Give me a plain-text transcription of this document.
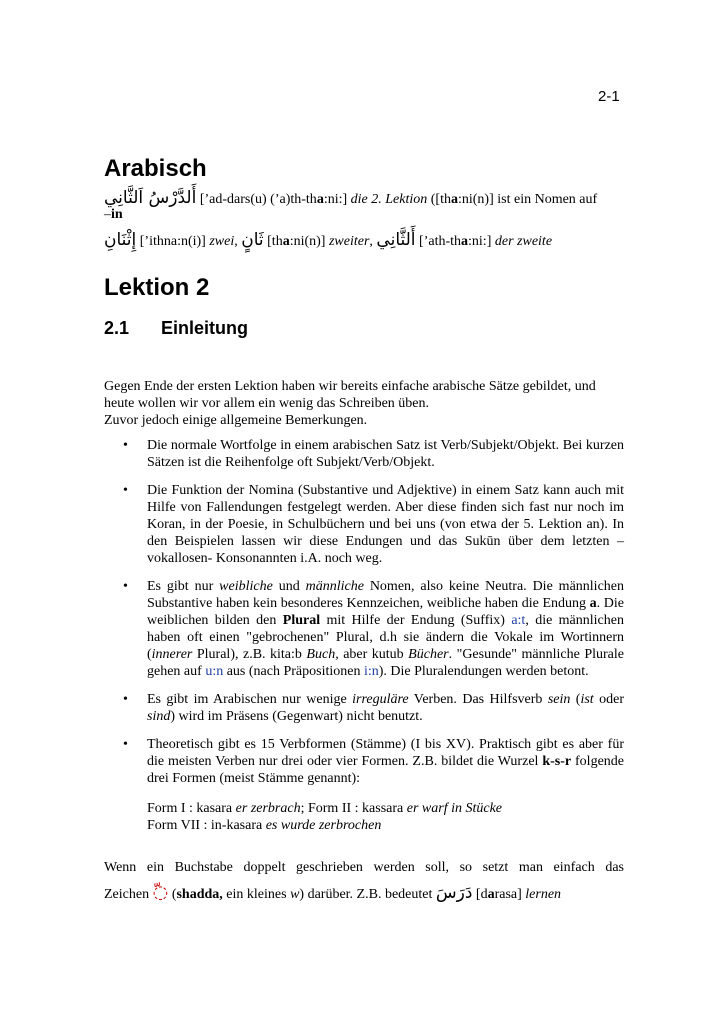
2-1
Arabisch
أَلدَّرْسُ اَلثَّانِي [’ad-dars(u) (’a)th-tha:ni:] die 2. Lektion ([tha:ni(n)] ist ein Nomen auf
–in
إِثْنَانِ [’ithna:n(i)] zwei, ثَانٍ [tha:ni(n)] zweiter, أَلثَّانِي [’ath-tha:ni:] der zweite
Lektion 2
2.1 Einleitung
Gegen Ende der ersten Lektion haben wir bereits einfache arabische Sätze gebildet, und
heute wollen wir vor allem ein wenig das Schreiben üben.
Zuvor jedoch einige allgemeine Bemerkungen.
• Die normale Wortfolge in einem arabischen Satz ist Verb/Subjekt/Objekt. Bei kurzen Sätzen ist die Reihenfolge oft Subjekt/Verb/Objekt.
• Die Funktion der Nomina (Substantive und Adjektive) in einem Satz kann auch mit Hilfe von Fallendungen festgelegt werden. Aber diese finden sich fast nur noch im Koran, in der Poesie, in Schulbüchern und bei uns (von etwa der 5. Lektion an). In den Beispielen lassen wir diese Endungen und das Sukūn über dem letzten –vokallosen- Konsonannten i.A. noch weg.
• Es gibt nur weibliche und männliche Nomen, also keine Neutra. Die männlichen Substantive haben kein besonderes Kennzeichen, weibliche haben die Endung a. Die weiblichen bilden den Plural mit Hilfe der Endung (Suffix) a:t, die männlichen haben oft einen "gebrochenen" Plural, d.h sie ändern die Vokale im Wortinnern (innerer Plural), z.B. kita:b Buch, aber kutub Bücher. "Gesunde" männliche Plurale gehen auf u:n aus (nach Präpositionen i:n). Die Pluralendungen werden betont.
• Es gibt im Arabischen nur wenige irreguläre Verben. Das Hilfsverb sein (ist oder sind) wird im Präsens (Gegenwart) nicht benutzt.
• Theoretisch gibt es 15 Verbformen (Stämme) (I bis XV). Praktisch gibt es aber für die meisten Verben nur drei oder vier Formen. Z.B. bildet die Wurzel k-s-r folgende drei Formen (meist Stämme genannt):
Form I : kasara er zerbrach; Form II : kassara er warf in Stücke
Form VII : in-kasara es wurde zerbrochen
Wenn ein Buchstabe doppelt geschrieben werden soll, so setzt man einfach das
Zeichen ◌ّ (shadda, ein kleines w) darüber. Z.B. bedeutet دَرَسَ [darasa] lernen
